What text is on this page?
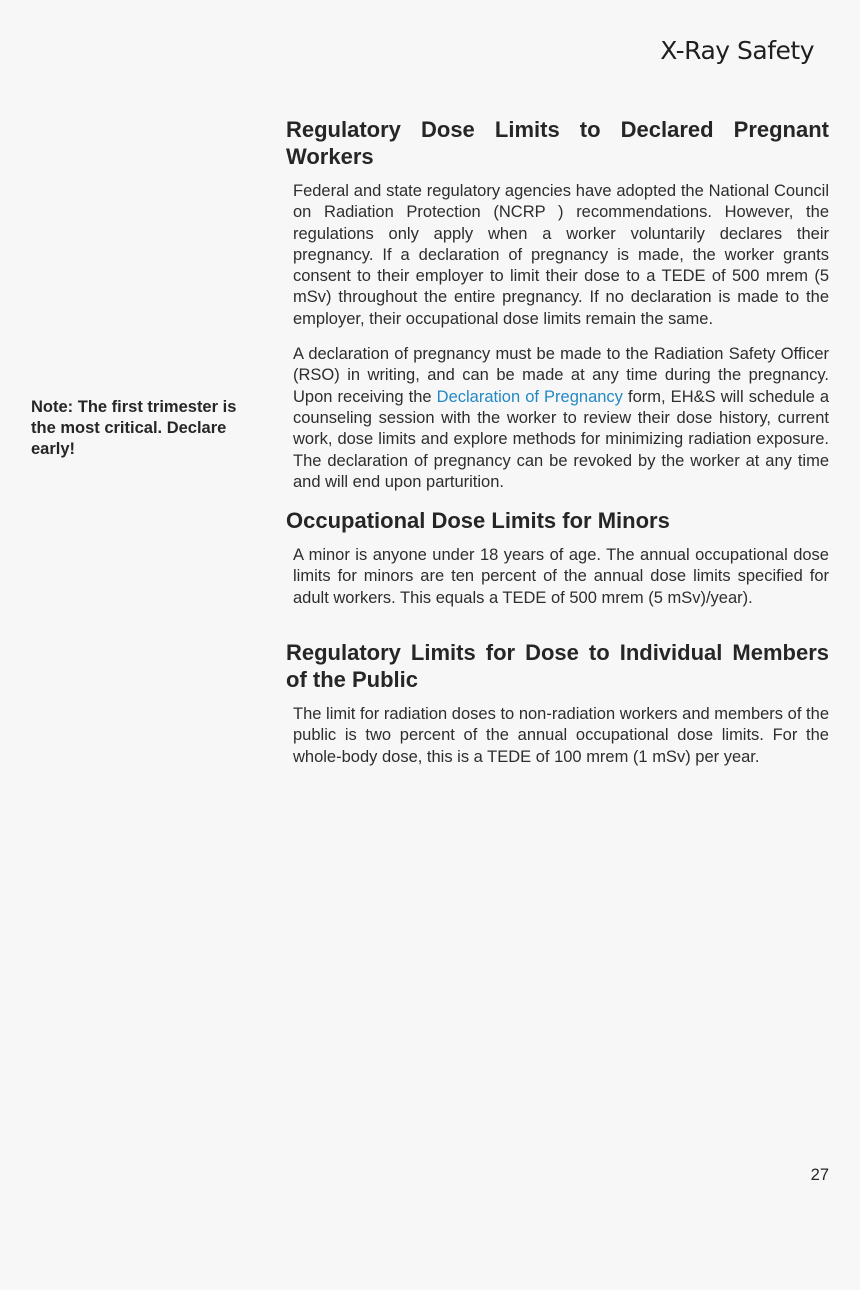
X-Ray Safety
Note: The first trimester is the most critical. Declare early!
Regulatory Dose Limits to Declared Pregnant Workers

Federal and state regulatory agencies have adopted the National Council on Radiation Protection (NCRP ) recommendations. However, the regulations only apply when a worker voluntarily declares their pregnancy. If a declaration of pregnancy is made, the worker grants consent to their employer to limit their dose to a TEDE of 500 mrem (5 mSv) throughout the entire pregnancy. If no declaration is made to the employer, their occupational dose limits remain the same.

A declaration of pregnancy must be made to the Radiation Safety Officer (RSO) in writing, and can be made at any time during the pregnancy. Upon receiving the Declaration of Pregnancy form, EH&S will schedule a counseling session with the worker to review their dose history, current work, dose limits and explore methods for minimizing radiation exposure. The declaration of pregnancy can be revoked by the worker at any time and will end upon parturition.

Occupational Dose Limits for Minors

A minor is anyone under 18 years of age. The annual occupational dose limits for minors are ten percent of the annual dose limits specified for adult workers. This equals a TEDE of 500 mrem (5 mSv)/year).

Regulatory Limits for Dose to Individual Members of the Public

The limit for radiation doses to non-radiation workers and members of the public is two percent of the annual occupational dose limits. For the whole-body dose, this is a TEDE of 100 mrem (1 mSv) per year.

27
